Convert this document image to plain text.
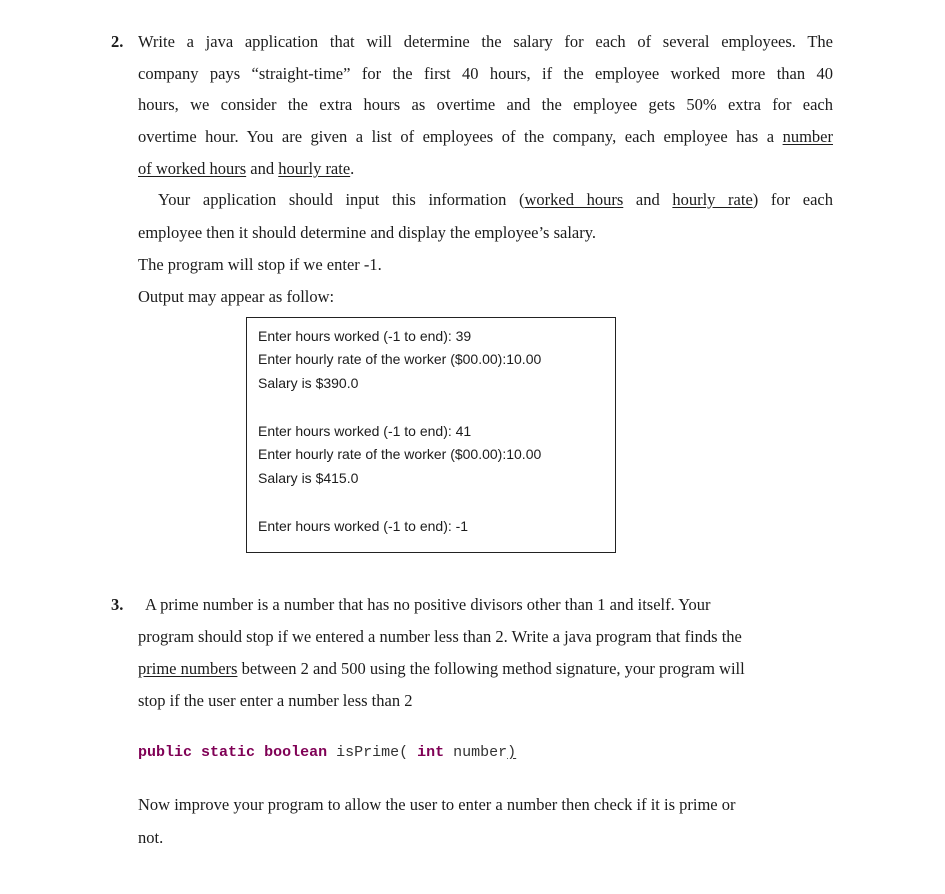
2. Write a java application that will determine the salary for each of several employees. The
company pays “straight-time” for the first 40 hours, if the employee worked more than 40
hours, we consider the extra hours as overtime and the employee gets 50% extra for each
overtime hour. You are given a list of employees of the company, each employee has a number
of worked hours and hourly rate.
Your application should input this information (worked hours and hourly rate) for each
employee then it should determine and display the employee’s salary.
The program will stop if we enter -1.
Output may appear as follow:
Enter hours worked (-1 to end): 39
Enter hourly rate of the worker ($00.00):10.00
Salary is $390.0
Enter hours worked (-1 to end): 41
Enter hourly rate of the worker ($00.00):10.00
Salary is $415.0
Enter hours worked (-1 to end): -1
3. A prime number is a number that has no positive divisors other than 1 and itself. Your
program should stop if we entered a number less than 2. Write a java program that finds the
prime numbers between 2 and 500 using the following method signature, your program will
stop if the user enter a number less than 2
public static boolean isPrime( int number)
Now improve your program to allow the user to enter a number then check if it is prime or
not.
